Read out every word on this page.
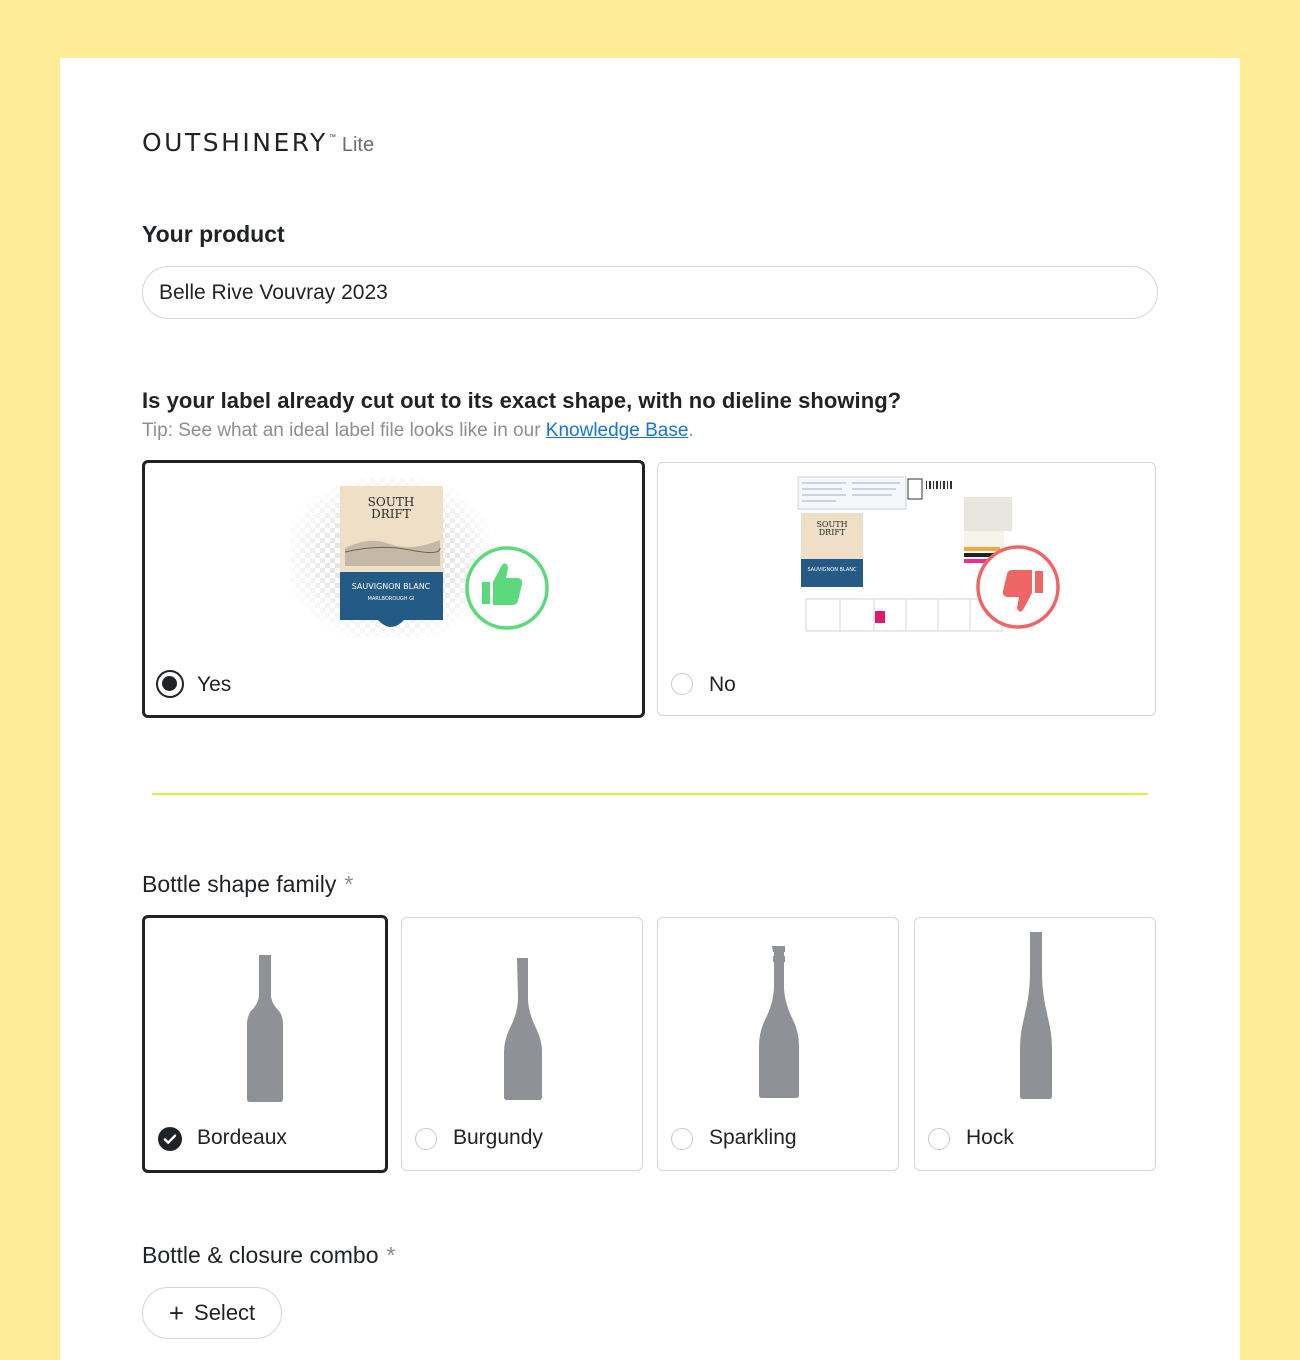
OUTSHINERY ™ Lite
Your product
Belle Rive Vouvray 2023
Is your label already cut out to its exact shape, with no dieline showing?
Tip: See what an ideal label file looks like in our Knowledge Base.
SOUTH
DRIFT
SAUVIGNON BLANC
MARLBOROUGH GI
Yes
SOUTH
DRIFT
SAUVIGNON BLANC
No
Bottle shape family *
Bordeaux	Burgundy	Sparkling	Hock
Bottle & closure combo *
+ Select
